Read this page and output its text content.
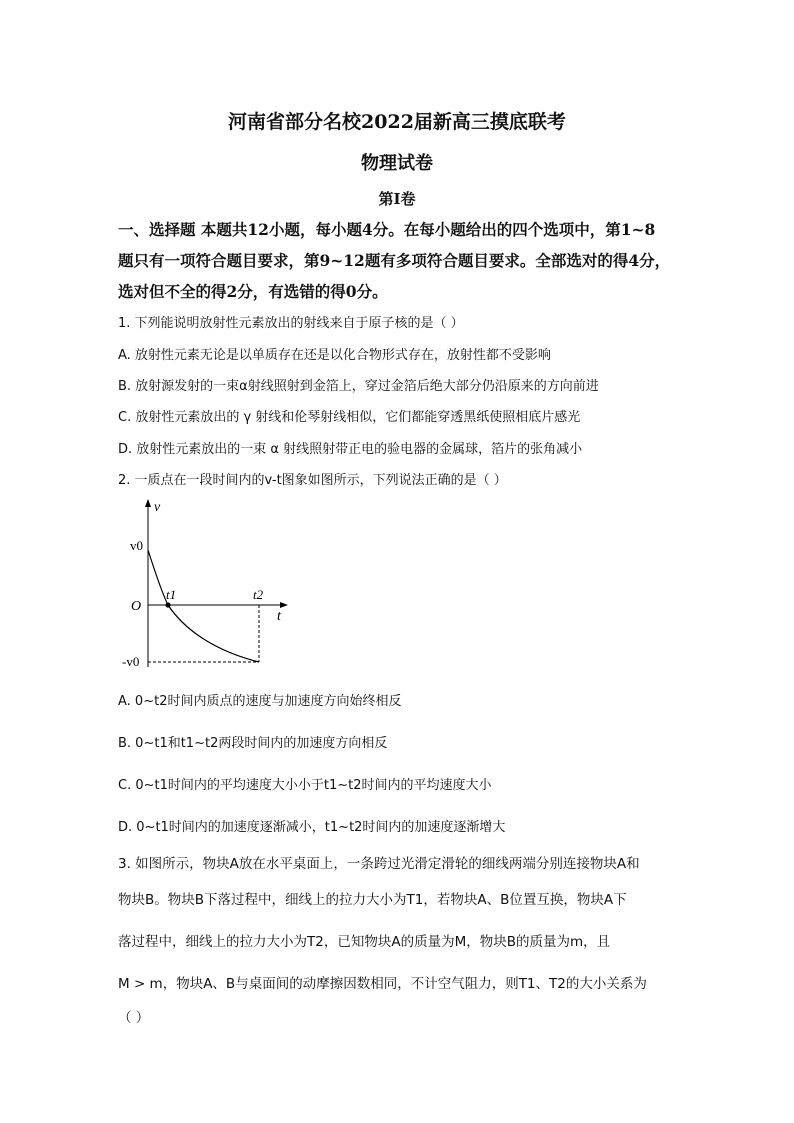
河南省部分名校2022届新高三摸底联考
物理试卷
第I卷
一、选择题 本题共12小题，每小题4分。在每小题给出的四个选项中，第1~8
题只有一项符合题目要求，第9~12题有多项符合题目要求。全部选对的得4分，
选对但不全的得2分，有选错的得0分。
1. 下列能说明放射性元素放出的射线来自于原子核的是（ ）
A. 放射性元素无论是以单质存在还是以化合物形式存在，放射性都不受影响
B. 放射源发射的一束α射线照射到金箔上，穿过金箔后绝大部分仍沿原来的方向前进
C. 放射性元素放出的 γ 射线和伦琴射线相似，它们都能穿透黑纸使照相底片感光
D. 放射性元素放出的一束 α 射线照射带正电的验电器的金属球，箔片的张角减小
2. 一质点在一段时间内的v-t图象如图所示，下列说法正确的是（ ）
v
v0
O
t
t1	t2
-v0
A. 0~t2时间内质点的速度与加速度方向始终相反
B. 0~t1和t1~t2两段时间内的加速度方向相反
C. 0~t1时间内的平均速度大小小于t1~t2时间内的平均速度大小
D. 0~t1时间内的加速度逐渐减小，t1~t2时间内的加速度逐渐增大
3. 如图所示，物块A放在水平桌面上，一条跨过光滑定滑轮的细线两端分别连接物块A和
物块B。物块B下落过程中，细线上的拉力大小为T1，若物块A、B位置互换，物块A下
落过程中，细线上的拉力大小为T2，已知物块A的质量为M，物块B的质量为m，且
M > m，物块A、B与桌面间的动摩擦因数相同，不计空气阻力，则T1、T2的大小关系为
（ ）
